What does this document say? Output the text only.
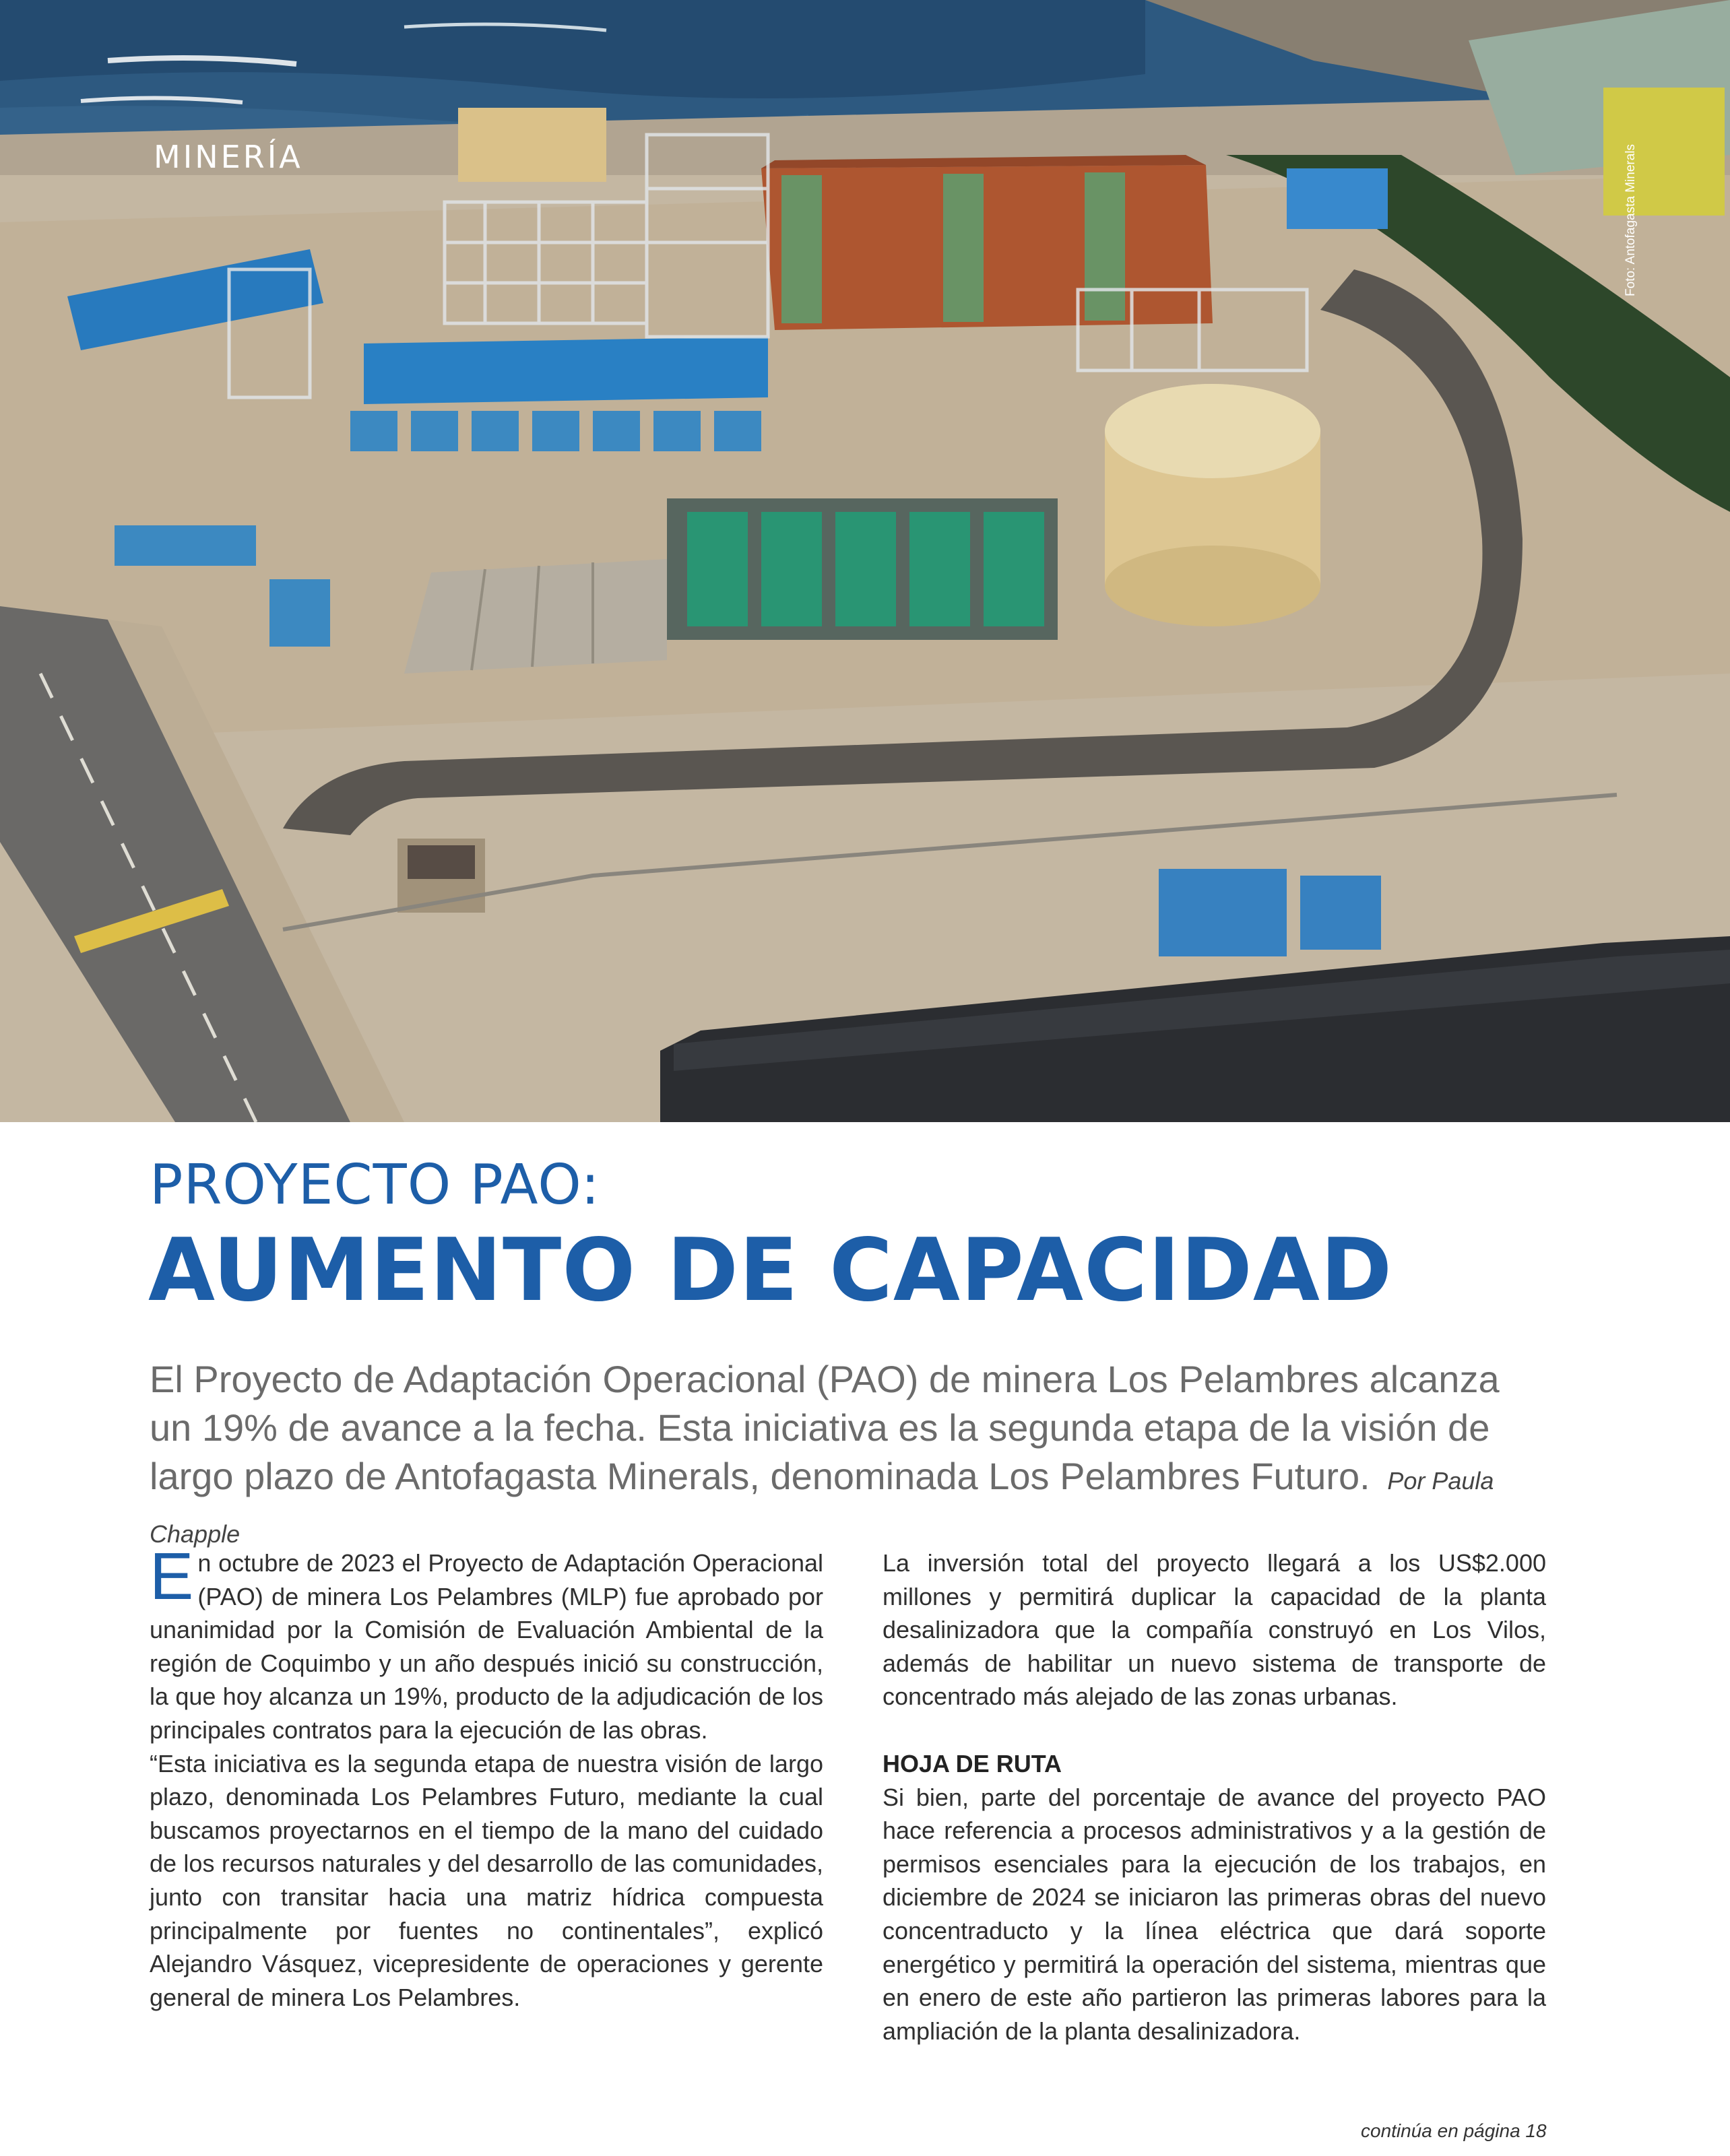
MINERÍA	Foto: Antofagasta Minerals
PROYECTO PAO:
AUMENTO DE CAPACIDAD
El Proyecto de Adaptación Operacional (PAO) de minera Los Pelambres alcanza un 19% de avance a la fecha. Esta iniciativa es la segunda etapa de la visión de largo plazo de Antofagasta Minerals, denominada Los Pelambres Futuro. Por Paula Chapple

En octubre de 2023 el Proyecto de Adaptación Operacional (PAO) de minera Los Pelambres (MLP) fue aprobado por unanimidad por la Comisión de Evaluación Ambiental de la región de Coquimbo y un año después inició su construcción, la que hoy alcanza un 19%, producto de la adjudicación de los principales contratos para la ejecución de las obras.

“Esta iniciativa es la segunda etapa de nuestra visión de largo plazo, denominada Los Pelambres Futuro, mediante la cual buscamos proyectarnos en el tiempo de la mano del cuidado de los recursos naturales y del desarrollo de las comunidades, junto con transitar hacia una matriz hídrica compuesta principalmente por fuentes no continentales”, explicó Alejandro Vásquez, vicepresidente de operaciones y gerente general de minera Los Pelambres.

La inversión total del proyecto llegará a los US$2.000 millones y permitirá duplicar la capacidad de la planta desalinizadora que la compañía construyó en Los Vilos, además de habilitar un nuevo sistema de transporte de concentrado más alejado de las zonas urbanas.

HOJA DE RUTA

Si bien, parte del porcentaje de avance del proyecto PAO hace referencia a procesos administrativos y a la gestión de permisos esenciales para la ejecución de los trabajos, en diciembre de 2024 se iniciaron las primeras obras del nuevo concentraducto y la línea eléctrica que dará soporte energético y permitirá la operación del sistema, mientras que en enero de este año partieron las primeras labores para la ampliación de la planta desalinizadora.

continúa en página 18
